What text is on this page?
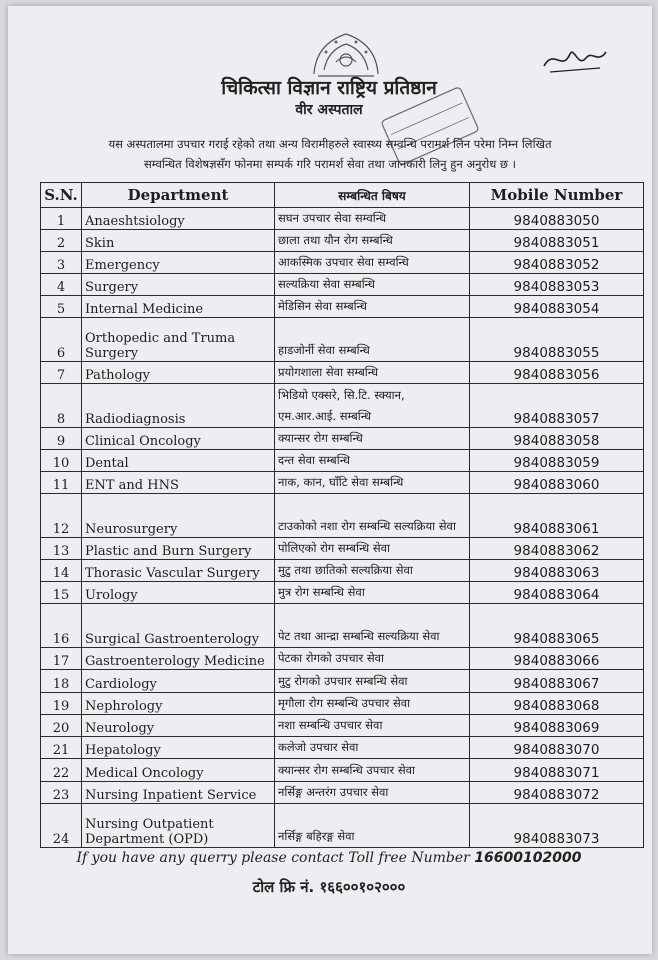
चिकित्सा विज्ञान राष्ट्रिय प्रतिष्ठान
वीर अस्पताल
यस अस्पतालमा उपचार गराई रहेको तथा अन्य विरामीहरुले स्वास्थ्य सम्वन्धि परामर्श लिन परेमा निम्न लिखित
सम्वन्धित विशेषज्ञसँग फोनमा सम्पर्क गरि परामर्श सेवा तथा जानकारी लिनु हुन अनुरोध छ ।
S.N.	Department	सम्बन्धित बिषय	Mobile Number
1	Anaeshtsiology	सघन उपचार सेवा सम्वन्धि	9840883050
2	Skin	छाला तथा यौन रोग सम्बन्धि	9840883051
3	Emergency	आकस्मिक उपचार सेवा सम्वन्धि	9840883052
4	Surgery	सल्यक्रिया सेवा सम्बन्धि	9840883053
5	Internal Medicine	मेडिसिन सेवा सम्बन्धि	9840883054
6	Orthopedic and Truma Surgery	हाडजोर्नी सेवा सम्बन्धि	9840883055
7	Pathology	प्रयोगशाला सेवा सम्बन्धि	9840883056
8	Radiodiagnosis	भिडियो एक्सरे, सि.टि. स्क्यान, एम.आर.आई. सम्बन्धि	9840883057
9	Clinical Oncology	क्यान्सर रोग सम्बन्धि	9840883058
10	Dental	दन्त सेवा सम्बन्धि	9840883059
11	ENT and HNS	नाक, कान, घाँटि सेवा सम्बन्धि	9840883060
12	Neurosurgery	टाउकोको नशा रोग सम्बन्धि सल्यक्रिया सेवा	9840883061
13	Plastic and Burn Surgery	पोलिएको रोग सम्बन्धि सेवा	9840883062
14	Thorasic Vascular Surgery	मुटु तथा छातिको सल्यक्रिया सेवा	9840883063
15	Urology	मुत्र रोग सम्बन्धि सेवा	9840883064
16	Surgical Gastroenterology	पेट तथा आन्द्रा सम्बन्धि सल्यक्रिया सेवा	9840883065
17	Gastroenterology Medicine	पेटका रोगको उपचार सेवा	9840883066
18	Cardiology	मुटु रोगको उपचार सम्बन्धि सेवा	9840883067
19	Nephrology	मृगौला रोग सम्बन्धि उपचार सेवा	9840883068
20	Neurology	नशा सम्बन्धि उपचार सेवा	9840883069
21	Hepatology	कलेजो उपचार सेवा	9840883070
22	Medical Oncology	क्यान्सर रोग सम्बन्धि उपचार सेवा	9840883071
23	Nursing Inpatient Service	नर्सिङ्ग अन्तरंग उपचार सेवा	9840883072
24	Nursing Outpatient Department (OPD)	नर्सिङ्ग बहिरङ्ग सेवा	9840883073
If you have any querry please contact Toll free Number 16600102000
टोल फ्रि नं. १६६००१०२०००
